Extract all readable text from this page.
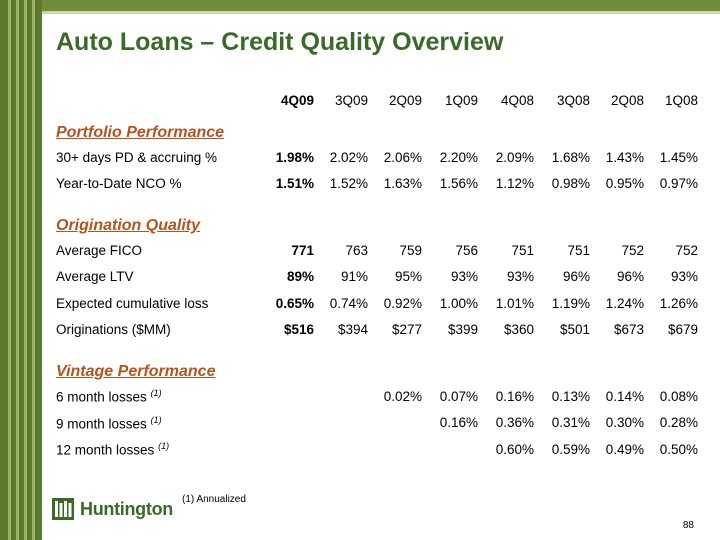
Auto Loans – Credit Quality Overview
	4Q09	3Q09	2Q09	1Q09	4Q08	3Q08	2Q08	1Q08
Portfolio Performance								
30+ days PD & accruing %	1.98%	2.02%	2.06%	2.20%	2.09%	1.68%	1.43%	1.45%
Year-to-Date NCO %	1.51%	1.52%	1.63%	1.56%	1.12%	0.98%	0.95%	0.97%

Origination Quality								
Average FICO	771	763	759	756	751	751	752	752
Average LTV	89%	91%	95%	93%	93%	96%	96%	93%
Expected cumulative loss	0.65%	0.74%	0.92%	1.00%	1.01%	1.19%	1.24%	1.26%
Originations ($MM)	$516	$394	$277	$399	$360	$501	$673	$679

Vintage Performance								
6 month losses $^{(1)}$			0.02%	0.07%	0.16%	0.13%	0.14%	0.08%
9 month losses $^{(1)}$				0.16%	0.36%	0.31%	0.30%	0.28%
12 month losses $^{(1)}$					0.60%	0.59%	0.49%	0.50%
Huntington (1) Annualized
88
